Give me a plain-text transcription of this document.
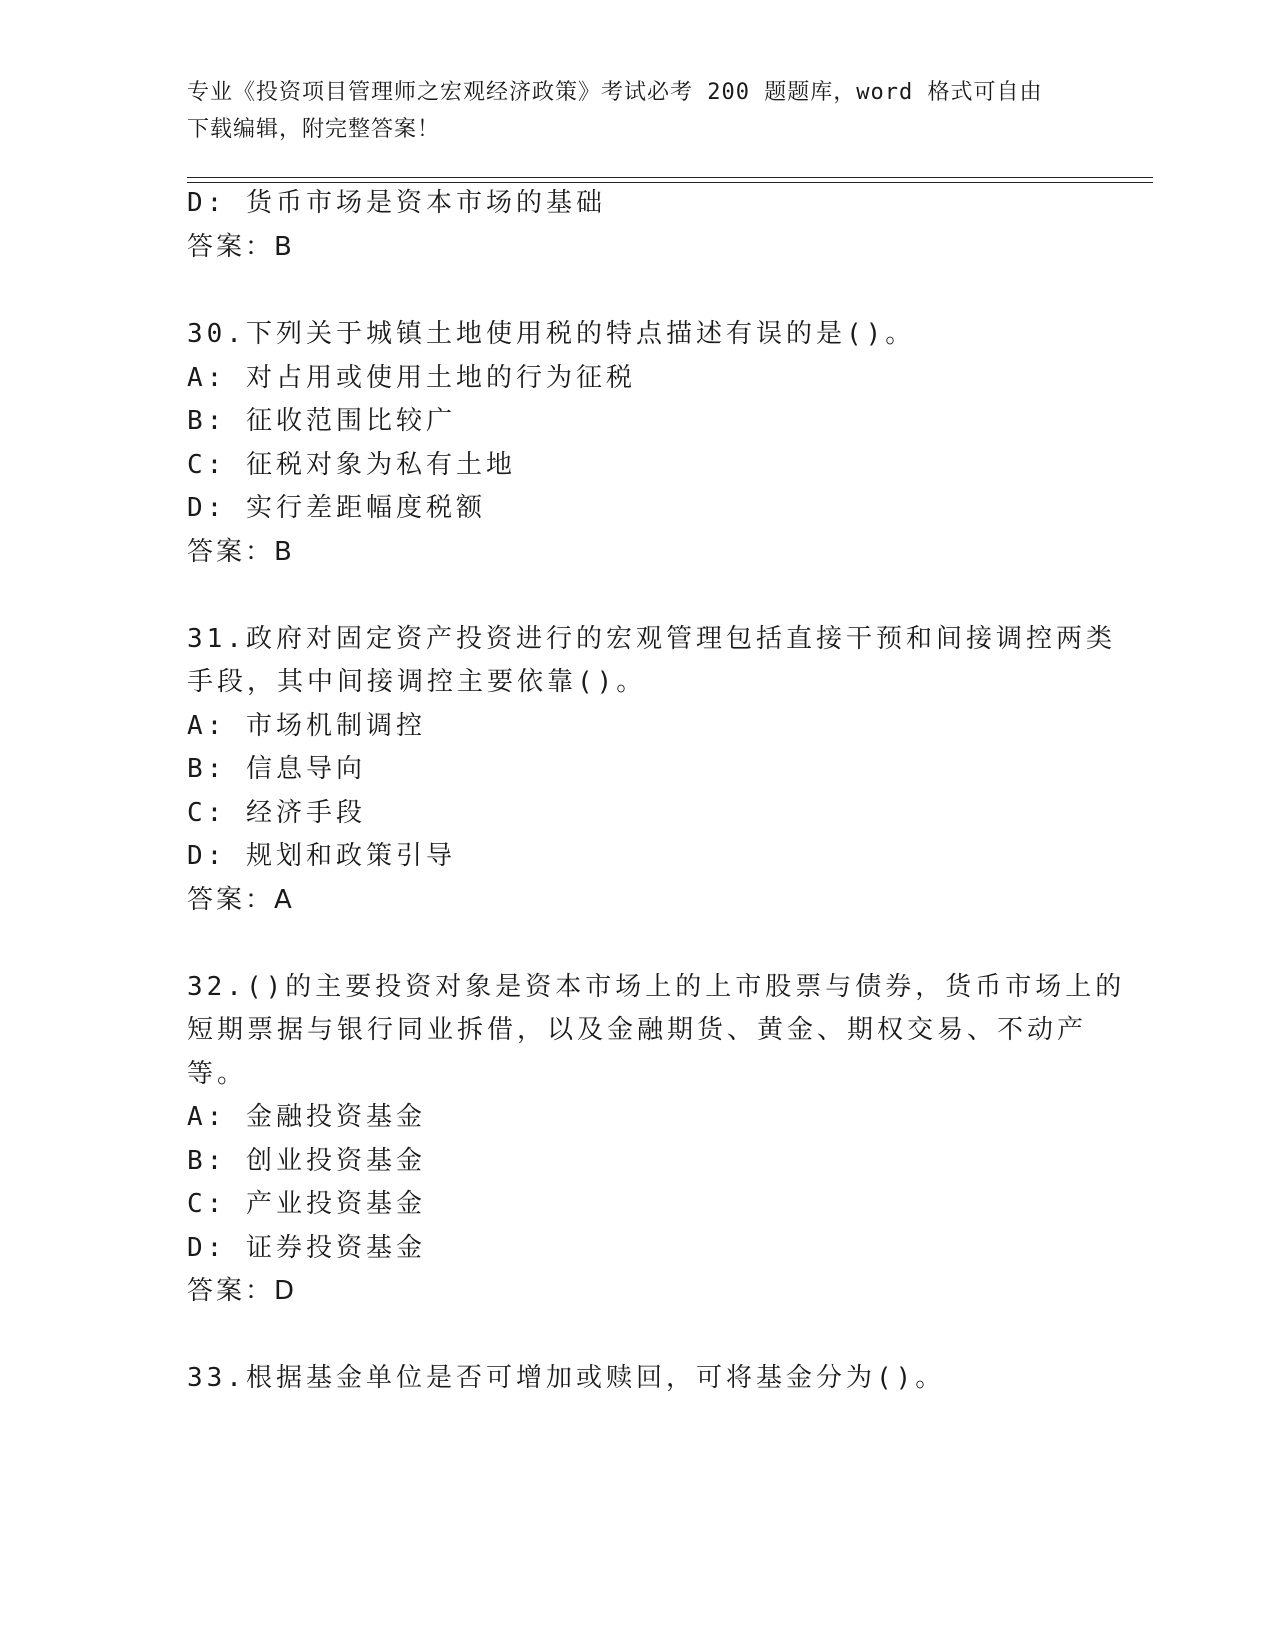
专业《投资项目管理师之宏观经济政策》考试必考 200 题题库，word 格式可自由
下载编辑，附完整答案！
D: 货币市场是资本市场的基础
答案：B
30.下列关于城镇土地使用税的特点描述有误的是()。
A: 对占用或使用土地的行为征税
B: 征收范围比较广
C: 征税对象为私有土地
D: 实行差距幅度税额
答案：B
31.政府对固定资产投资进行的宏观管理包括直接干预和间接调控两类
手段，其中间接调控主要依靠()。
A: 市场机制调控
B: 信息导向
C: 经济手段
D: 规划和政策引导
答案：A
32.()的主要投资对象是资本市场上的上市股票与债券，货币市场上的
短期票据与银行同业拆借，以及金融期货、黄金、期权交易、不动产
等。
A: 金融投资基金
B: 创业投资基金
C: 产业投资基金
D: 证券投资基金
答案：D
33.根据基金单位是否可增加或赎回，可将基金分为()。
